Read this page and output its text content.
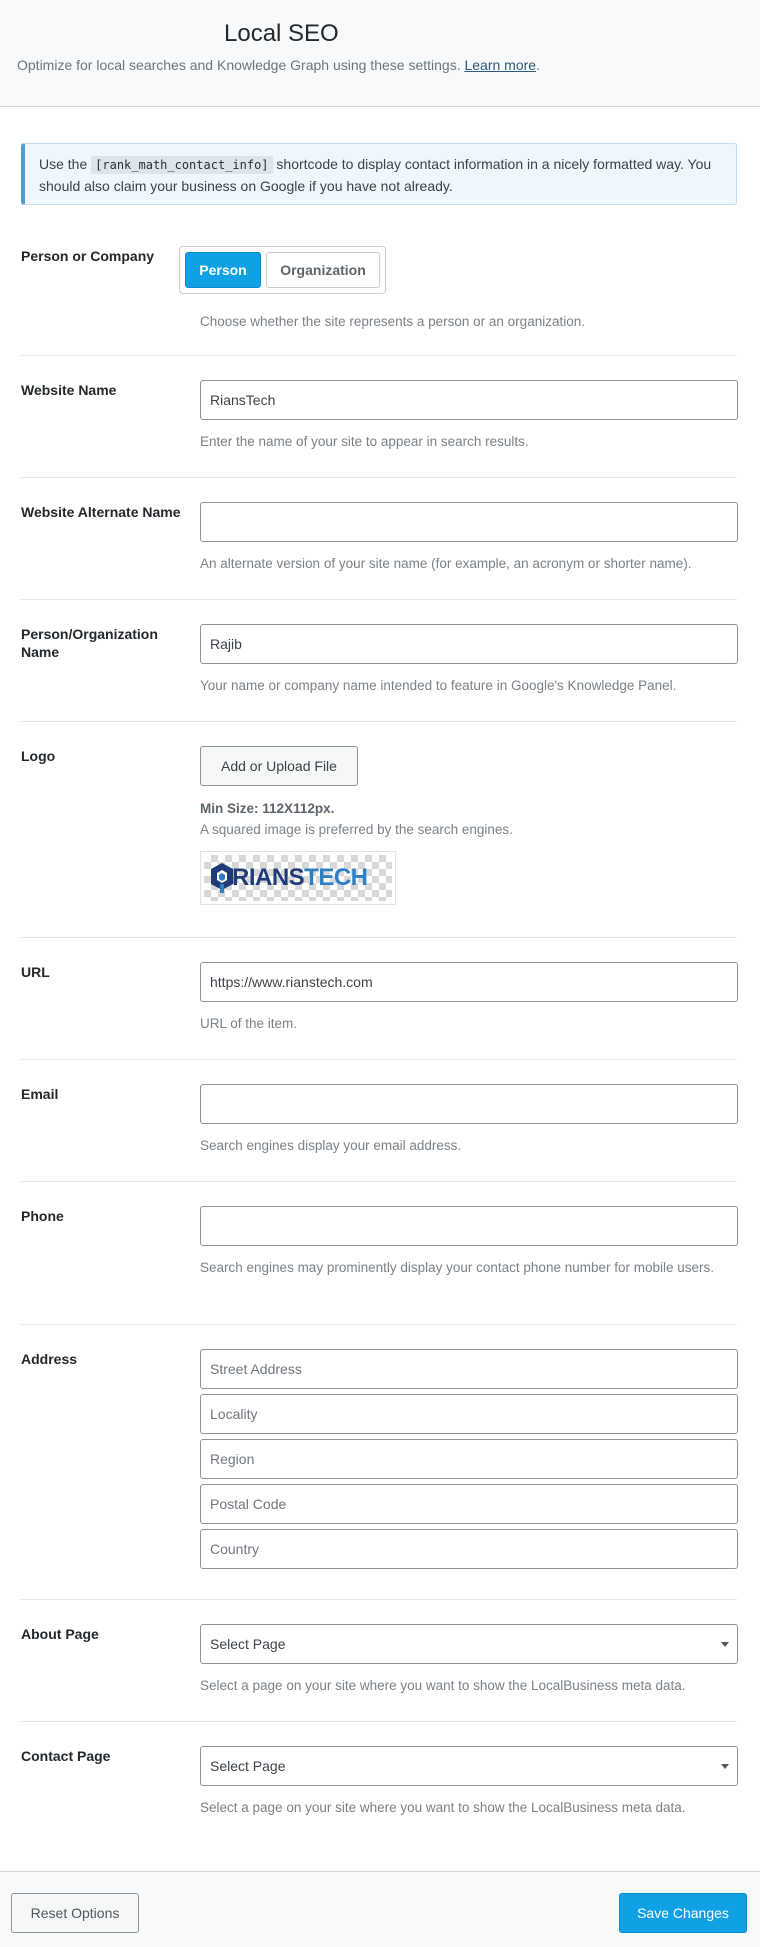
Local SEO

Optimize for local searches and Knowledge Graph using these settings. Learn more.

Use the [rank_math_contact_info] shortcode to display contact information in a nicely formatted way. You should also claim your business on Google if you have not already.
Person or Company
Person	Organization
Choose whether the site represents a person or an organization.
Website Name
RiansTech
Enter the name of your site to appear in search results.
Website Alternate Name
An alternate version of your site name (for example, an acronym or shorter name).
Person/Organization Name
Rajib
Your name or company name intended to feature in Google's Knowledge Panel.
Logo
Add or Upload File
Min Size: 112X112px.
A squared image is preferred by the search engines.
RIANSTECH
URL
https://www.rianstech.com
URL of the item.
Email
Search engines display your email address.
Phone
Search engines may prominently display your contact phone number for mobile users.
Address
Street Address
Locality
Region
Postal Code
Country
About Page
Select Page
Select a page on your site where you want to show the LocalBusiness meta data.
Contact Page
Select Page
Select a page on your site where you want to show the LocalBusiness meta data.
Reset Options	Save Changes
